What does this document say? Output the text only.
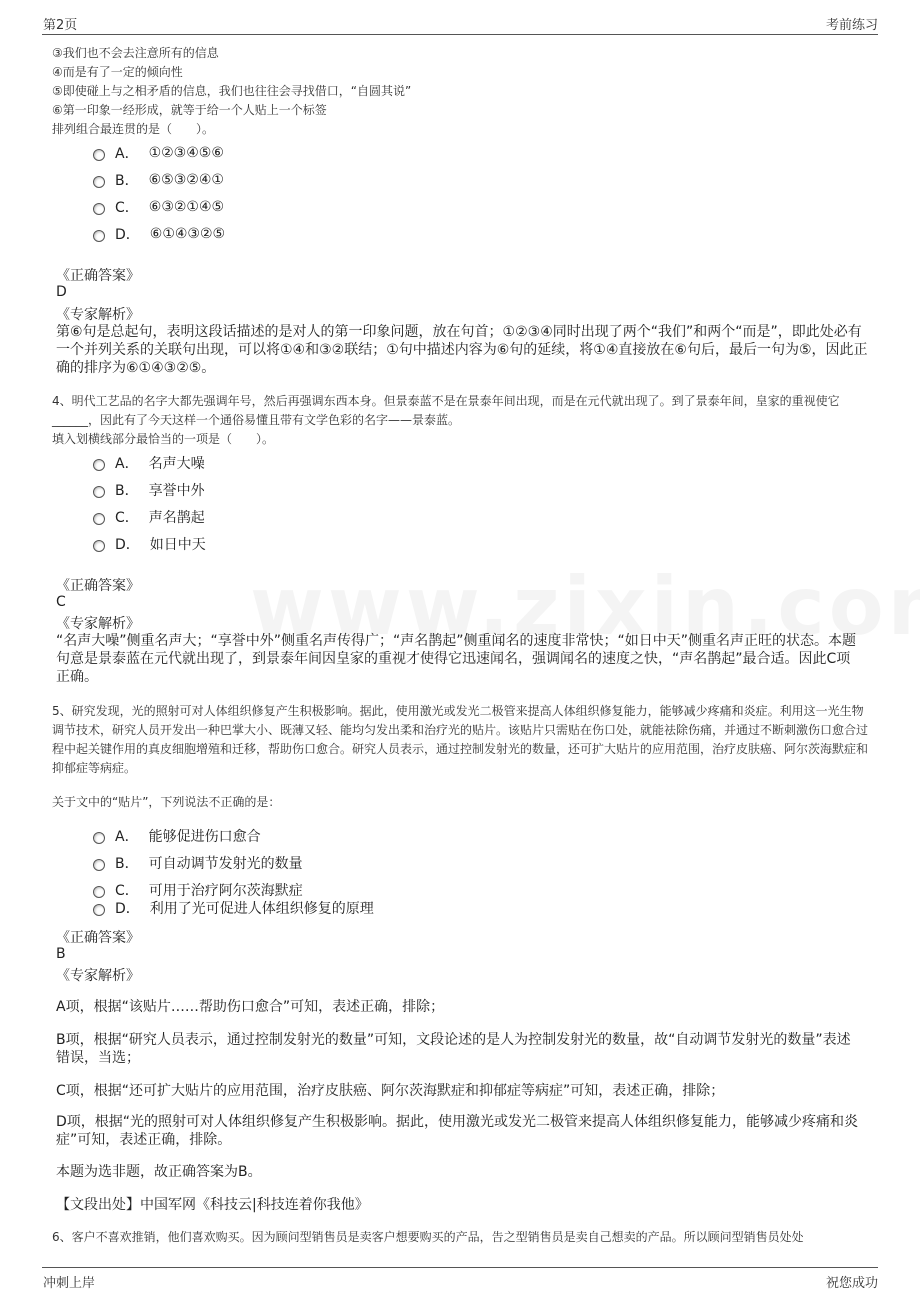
第2页	考前练习
③我们也不会去注意所有的信息
④而是有了一定的倾向性
⑤即使碰上与之相矛盾的信息，我们也往往会寻找借口，“自圆其说”
⑥第一印象一经形成，就等于给一个人贴上一个标签
排列组合最连贯的是（　　）。
A． ①②③④⑤⑥
B． ⑥⑤③②④①
C． ⑥③②①④⑤
D． ⑥①④③②⑤
《正确答案》
D
《专家解析》
第⑥句是总起句，表明这段话描述的是对人的第一印象问题，放在句首；①②③④同时出现了两个“我们”和两个“而是”，即此处必有一个并列关系的关联句出现，可以将①④和③②联结；①句中描述内容为⑥句的延续，将①④直接放在⑥句后，最后一句为⑤，因此正确的排序为⑥①④③②⑤。
4、明代工艺品的名字大都先强调年号，然后再强调东西本身。但景泰蓝不是在景泰年间出现，而是在元代就出现了。到了景泰年间，皇家的重视使它______，因此有了今天这样一个通俗易懂且带有文学色彩的名字——景泰蓝。
填入划横线部分最恰当的一项是（　　）。
A． 名声大噪
B． 享誉中外
C． 声名鹊起
D． 如日中天
《正确答案》
C
《专家解析》
“名声大噪”侧重名声大；“享誉中外”侧重名声传得广；“声名鹊起”侧重闻名的速度非常快；“如日中天”侧重名声正旺的状态。本题句意是景泰蓝在元代就出现了，到景泰年间因皇家的重视才使得它迅速闻名，强调闻名的速度之快，“声名鹊起”最合适。因此C项正确。
5、研究发现，光的照射可对人体组织修复产生积极影响。据此，使用激光或发光二极管来提高人体组织修复能力，能够减少疼痛和炎症。利用这一光生物调节技术，研究人员开发出一种巴掌大小、既薄又轻、能均匀发出柔和治疗光的贴片。该贴片只需贴在伤口处，就能祛除伤痛，并通过不断刺激伤口愈合过程中起关键作用的真皮细胞增殖和迁移，帮助伤口愈合。研究人员表示，通过控制发射光的数量，还可扩大贴片的应用范围，治疗皮肤癌、阿尔茨海默症和抑郁症等病症。
关于文中的“贴片”，下列说法不正确的是：
A． 能够促进伤口愈合
B． 可自动调节发射光的数量
C． 可用于治疗阿尔茨海默症
D． 利用了光可促进人体组织修复的原理
《正确答案》
B
《专家解析》
A项，根据“该贴片……帮助伤口愈合”可知，表述正确，排除；
B项，根据“研究人员表示，通过控制发射光的数量”可知，文段论述的是人为控制发射光的数量，故“自动调节发射光的数量”表述错误，当选；
C项，根据“还可扩大贴片的应用范围，治疗皮肤癌、阿尔茨海默症和抑郁症等病症”可知，表述正确，排除；
D项，根据“光的照射可对人体组织修复产生积极影响。据此，使用激光或发光二极管来提高人体组织修复能力，能够减少疼痛和炎症”可知，表述正确，排除。
本题为选非题，故正确答案为B。
【文段出处】中国军网《科技云|科技连着你我他》
6、客户不喜欢推销，他们喜欢购买。因为顾问型销售员是卖客户想要购买的产品，告之型销售员是卖自己想卖的产品。所以顾问型销售员处处
冲刺上岸	祝您成功
